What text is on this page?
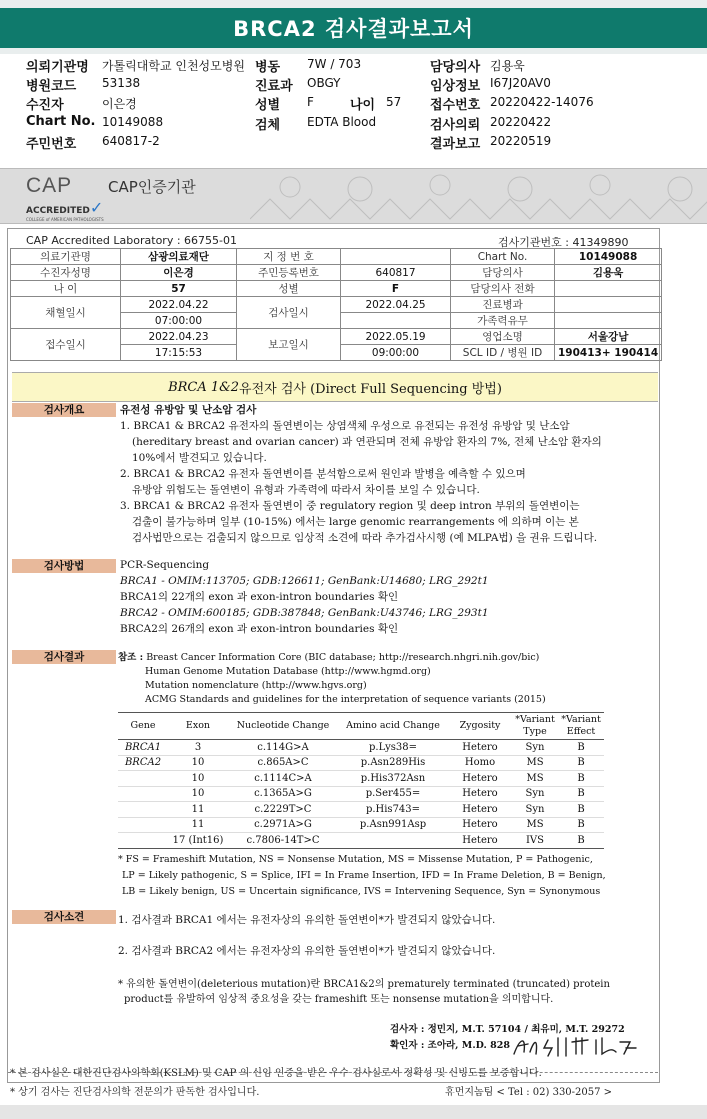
BRCA2 검사결과보고서
의뢰기관명 가톨릭대학교 인천성모병원 병동 7W / 703	담당의사 김용욱
병원코드 53138	진료과 OBGY	임상정보 I67J20AV0
수진자	이은경	성별 F	접수번호 20220422-14076
Chart No. 10149088	검체 EDTA Blood	검사의뢰 20220422
주민번호 640817-2	결과보고 20220519
나이 57
CAP
ACCREDITED✓
COLLEGE of AMERICAN PATHOLOGISTS
CAP인증기관
CAP Accredited Laboratory : 66755-01	검사기관번호 : 41349890
의료기관명	삼광의료재단	지 정 번 호		Chart No.	10149088
수진자성명	이은경	주민등록번호	640817	담당의사	김용욱
나 이	57	성별	F	담당의사 전화	
채혈일시	2022.04.22	검사일시	2022.04.25	진료병과	
	07:00:00			가족력유무	
접수일시	2022.04.23	보고일시	2022.05.19	영업소명	서울강남
	17:15:53		09:00:00	SCL ID / 병원 ID	190413+ 190414
BRCA 1&2 유전자 검사 (Direct Full Sequencing 방법)
검사개요	유전성 유방암 및 난소암 검사
1. BRCA1 & BRCA2 유전자의 돌연변이는 상염색체 우성으로 유전되는 유전성 유방암 및 난소암
(hereditary breast and ovarian cancer) 과 연관되며 전체 유방암 환자의 7%, 전체 난소암 환자의
10%에서 발견되고 있습니다.
2. BRCA1 & BRCA2 유전자 돌연변이를 분석함으로써 원인과 발병을 예측할 수 있으며
유방암 위험도는 돌연변이 유형과 가족력에 따라서 차이를 보일 수 있습니다.
3. BRCA1 & BRCA2 유전자 돌연변이 중 regulatory region 및 deep intron 부위의 돌연변이는
검출이 불가능하며 일부 (10-15%) 에서는 large genomic rearrangements 에 의하며 이는 본
검사법만으로는 검출되지 않으므로 임상적 소견에 따라 추가검사시행 (예 MLPA법) 을 권유 드립니다.
검사방법	PCR-Sequencing
BRCA1 - OMIM:113705; GDB:126611; GenBank:U14680; LRG_292t1
BRCA1의 22개의 exon 과 exon-intron boundaries 확인
BRCA2 - OMIM:600185; GDB:387848; GenBank:U43746; LRG_293t1
BRCA2의 26개의 exon 과 exon-intron boundaries 확인
검사결과	참조 : Breast Cancer Information Core (BIC database; http://research.nhgri.nih.gov/bic)
Human Genome Mutation Database (http://www.hgmd.org)
Mutation nomenclature (http://www.hgvs.org)
ACMG Standards and guidelines for the interpretation of sequence variants (2015)
Gene	Exon	Nucleotide Change	Amino acid Change	Zygosity	*Variant Type	*Variant Effect
BRCA1	3	c.114G>A	p.Lys38=	Hetero	Syn	B
BRCA2	10	c.865A>C	p.Asn289His	Homo	MS	B
	10	c.1114C>A	p.His372Asn	Hetero	MS	B
	10	c.1365A>G	p.Ser455=	Hetero	Syn	B
	11	c.2229T>C	p.His743=	Hetero	Syn	B
	11	c.2971A>G	p.Asn991Asp	Hetero	MS	B
	17 (Int16)	c.7806-14T>C		Hetero	IVS	B
* FS = Frameshift Mutation, NS = Nonsense Mutation, MS = Missense Mutation, P = Pathogenic,
LP = Likely pathogenic, S = Splice, IFI = In Frame Insertion, IFD = In Frame Deletion, B = Benign,
LB = Likely benign, US = Uncertain significance, IVS = Intervening Sequence, Syn = Synonymous
검사소견	1. 검사결과 BRCA1 에서는 유전자상의 유의한 돌연변이*가 발견되지 않았습니다.
2. 검사결과 BRCA2 에서는 유전자상의 유의한 돌연변이*가 발견되지 않았습니다.
* 유의한 돌연변이(deleterious mutation)란 BRCA1&2의 prematurely terminated (truncated) protein
product를 유발하여 임상적 중요성을 갖는 frameshift 또는 nonsense mutation을 의미합니다.
검사자 : 정민지, M.T. 57104 / 최유미, M.T. 29272
확인자 : 조아라, M.D. 828
* 본 검사실은 대한진단검사의학회(KSLM) 및 CAP 의 신임 인증을 받은 우수 검사실로서 정확성 및 신빙도를 보증합니다.
* 상기 검사는 진단검사의학 전문의가 판독한 검사입니다.	휴먼지놈팀 < Tel : 02) 330-2057 >
